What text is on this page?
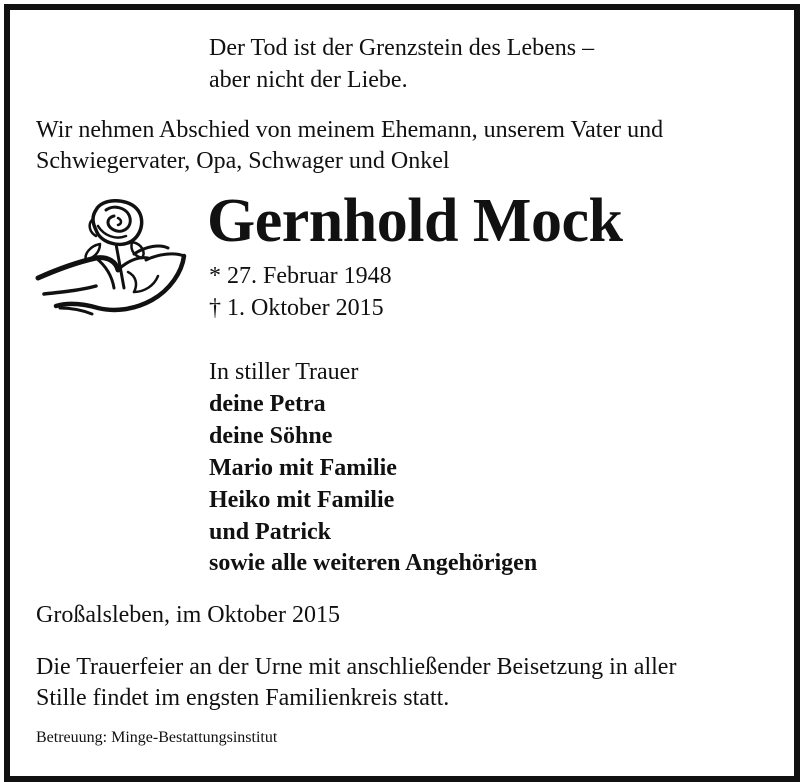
Der Tod ist der Grenzstein des Lebens –
aber nicht der Liebe.
Wir nehmen Abschied von meinem Ehemann, unserem Vater und
Schwiegervater, Opa, Schwager und Onkel
Gernhold Mock
* 27. Februar 1948
† 1. Oktober 2015
In stiller Trauer
deine Petra
deine Söhne
Mario mit Familie
Heiko mit Familie
und Patrick
sowie alle weiteren Angehörigen
Großalsleben, im Oktober 2015
Die Trauerfeier an der Urne mit anschließender Beisetzung in aller
Stille findet im engsten Familienkreis statt.
Betreuung: Minge-Bestattungsinstitut
